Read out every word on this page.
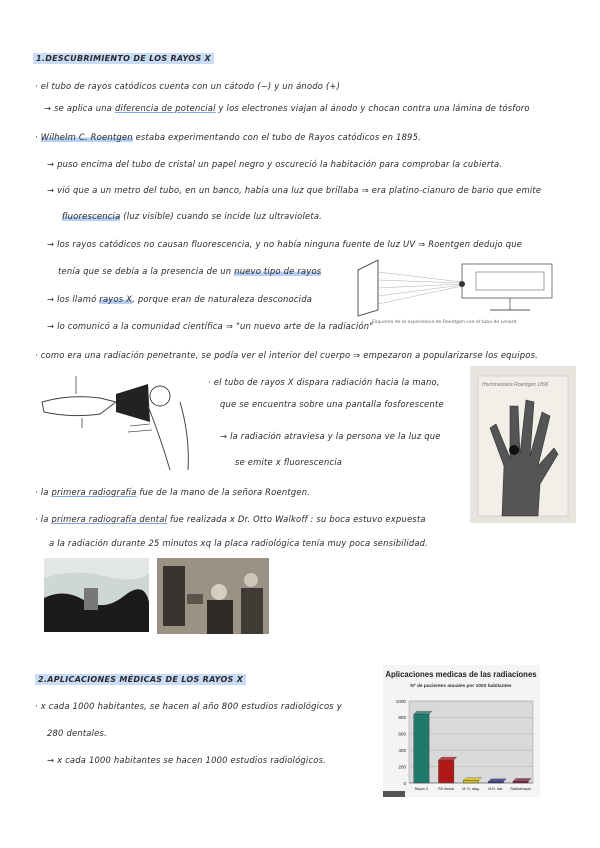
1.DESCUBRIMIENTO DE LOS RAYOS X
· el tubo de rayos catódicos cuenta con un cátodo (−) y un ánodo (+)
→ se aplica una diferencia de potencial y los electrones viajan al ánodo y chocan contra una lámina de tósforo
· Wilhelm C. Roentgen estaba experimentando con el tubo de Rayos catódicos en 1895.
→ puso encima del tubo de cristal un papel negro y oscureció la habitación para comprobar la cubierta.
→ vió que a un metro del tubo, en un banco, había una luz que brillaba ⇒ era platino-cianuro de bario que emite
fluorescencia (luz visible) cuando se incide luz ultravioleta.
→ los rayos catódicos no causan fluorescencia, y no había ninguna fuente de luz UV ⇒ Roentgen dedujo que
tenía que se debía a la presencia de un nuevo tipo de rayos
→ los llamó rayos X, porque eran de naturaleza desconocida
→ lo comunicó a la comunidad científica ⇒ "un nuevo arte de la radiación"
Esquema de la experiencia de Roentgen con el tubo de Lenard.
· como era una radiación penetrante, se podía ver el interior del cuerpo ⇒ empezaron a popularizarse los equipos.
· el tubo de rayos X dispara radiación hacia la mano,
que se encuentra sobre una pantalla fosforescente
→ la radiación atraviesa y la persona ve la luz que
se emite x fluorescencia
Hochmeistere Roentgen 1896
· la primera radiografía fue de la mano de la señora Roentgen.
· la primera radiografía dental fue realizada x Dr. Otto Walkoff : su boca estuvo expuesta
a la radiación durante 25 minutos xq la placa radiológica tenía muy poca sensibilidad.
2.APLICACIONES MÉDICAS DE LOS RAYOS X
· x cada 1000 habitantes, se hacen al año 800 estudios radiológicos y
280 dentales.
→ x cada 1000 habitantes se hacen 1000 estudios radiológicos.
Aplicaciones medicas de las radiaciones
Nº de pacientes anuales por 1000 habitantes
0
200
400
600
800
1000
Rayos X	RX dental M. N. diag. M.N. trat. Radioterapia
